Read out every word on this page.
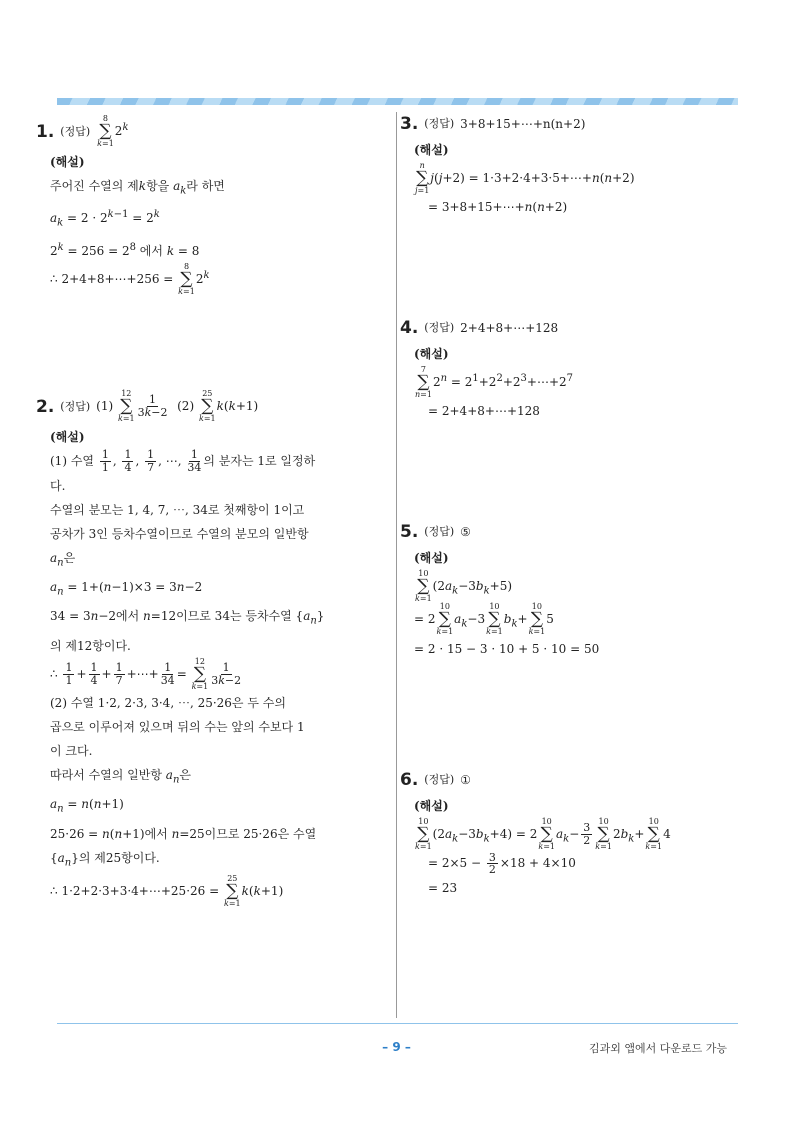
1. (정답)
8
∑
k=1
2$^k$
(해설)
주어진 수열의 제k항을 $a_k$라 하면
$a_k = 2 \cdot 2^{k-1} = 2^k$
$2^k = 256 = 2^8$ 에서 k = 8
∴ 2+4+8+⋯+256 =
8
∑
k=1
2$^k$
2. (정답) (1)
12
∑
$k=1 \frac{1}{3k-2} (2)$
25
∑
k=1
k(k+1)
(해설)
(1) 수열 $\frac{1}{1}$ , $\frac{1}{4}$ , $\frac{1}{7}$ , ⋯, $\frac{1}{34}$ 의 분자는 1로 일정하
다.
수열의 분모는 1, 4, 7, ⋯, 34로 첫째항이 1이고
공차가 3인 등차수열이므로 수열의 분모의 일반항
$a_n$은
$a_n = 1+(n-1)\times 3 = 3n-2$
34 = 3n−2에서 n=12이므로 34는 등차수열 $\{a_n\}$
의 제12항이다.
∴ $\frac{1}{1} + \frac{1}{4} + \frac{1}{7}$ +⋯+ $\frac{1}{34}$ =
12
∑
$k=1 \frac{1}{3k-2}$
(2) 수열 1·2, 2·3, 3·4, ⋯, 25·26은 두 수의
곱으로 이루어져 있으며 뒤의 수는 앞의 수보다 1
이 크다.
따라서 수열의 일반항 $a_n$은
$a_n = n(n+1)$
25·26 = n(n+1)에서 n=25이므로 25·26은 수열
$\{a_n\}$의 제25항이다.
∴ 1·2+2·3+3·4+⋯+25·26 =
25
∑
k=1
k(k+1)
3. (정답) 3+8+15+⋯+n(n+2)
(해설)
n
∑
j=1
j(j+2) = 1·3+2·4+3·5+⋯+n(n+2)
= 3+8+15+⋯+n(n+2)
4. (정답) 2+4+8+⋯+128
(해설)
7
∑
n=1
$2^n$ = $2^1+2^2+2^3+\cdots+2^7$
= 2+4+8+⋯+128
5. (정답) ⑤
(해설)
10
∑
k=1
$(2a_k-3b_k+5)$
= 2
10
∑
k=1
$a_k-3$
10
∑
k=1
$b_k+$
10
∑
k=1
5
= 2 · 15 − 3 · 10 + 5 · 10 = 50
6. (정답) ①
(해설)
10
∑
k=1
$(2a_k-3b_k+4) = 2$
10
∑
k=1
$a_k- \frac{3}{2}$
10
∑
k=1
$2b_k+$
10
∑
k=1
4
= $2\times 5 - \frac{3}{2} \times 18 + 4\times 10$
= 23
– 9 –	김과외 앱에서 다운로드 가능
